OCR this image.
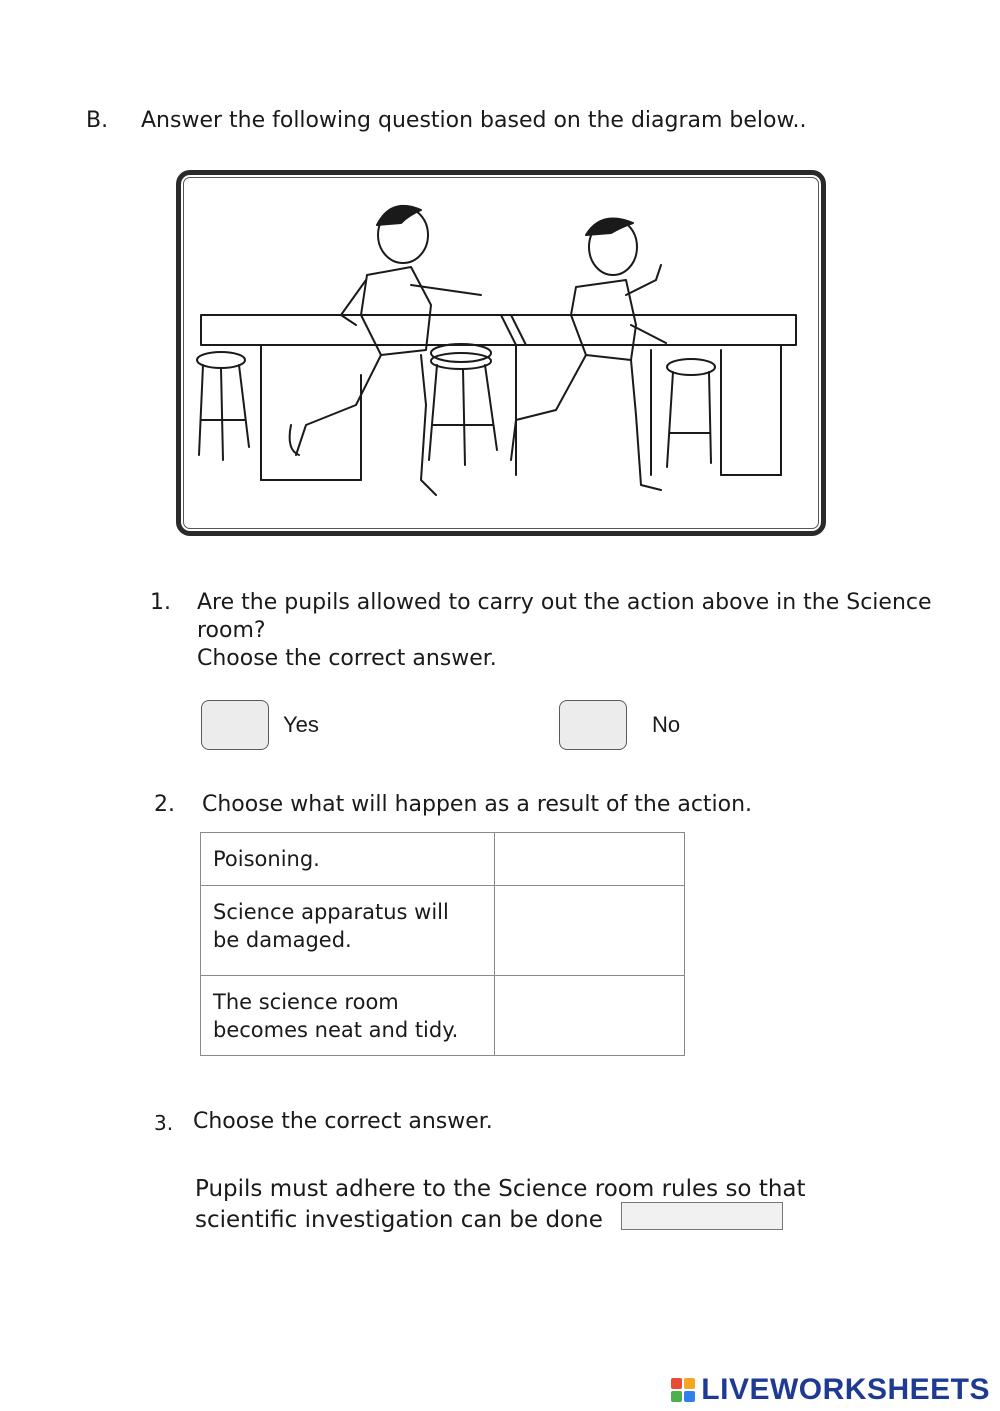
B. Answer the following question based on the diagram below..
1. Are the pupils allowed to carry out the action above in the Science room?
Choose the correct answer.
Yes	No
2. Choose what will happen as a result of the action.
Poisoning.	

Science apparatus will
be damaged.	

The science room
becomes neat and tidy.	

3. Choose the correct answer.
Pupils must adhere to the Science room rules so that
scientific investigation can be done
LIVEWORKSHEETS
